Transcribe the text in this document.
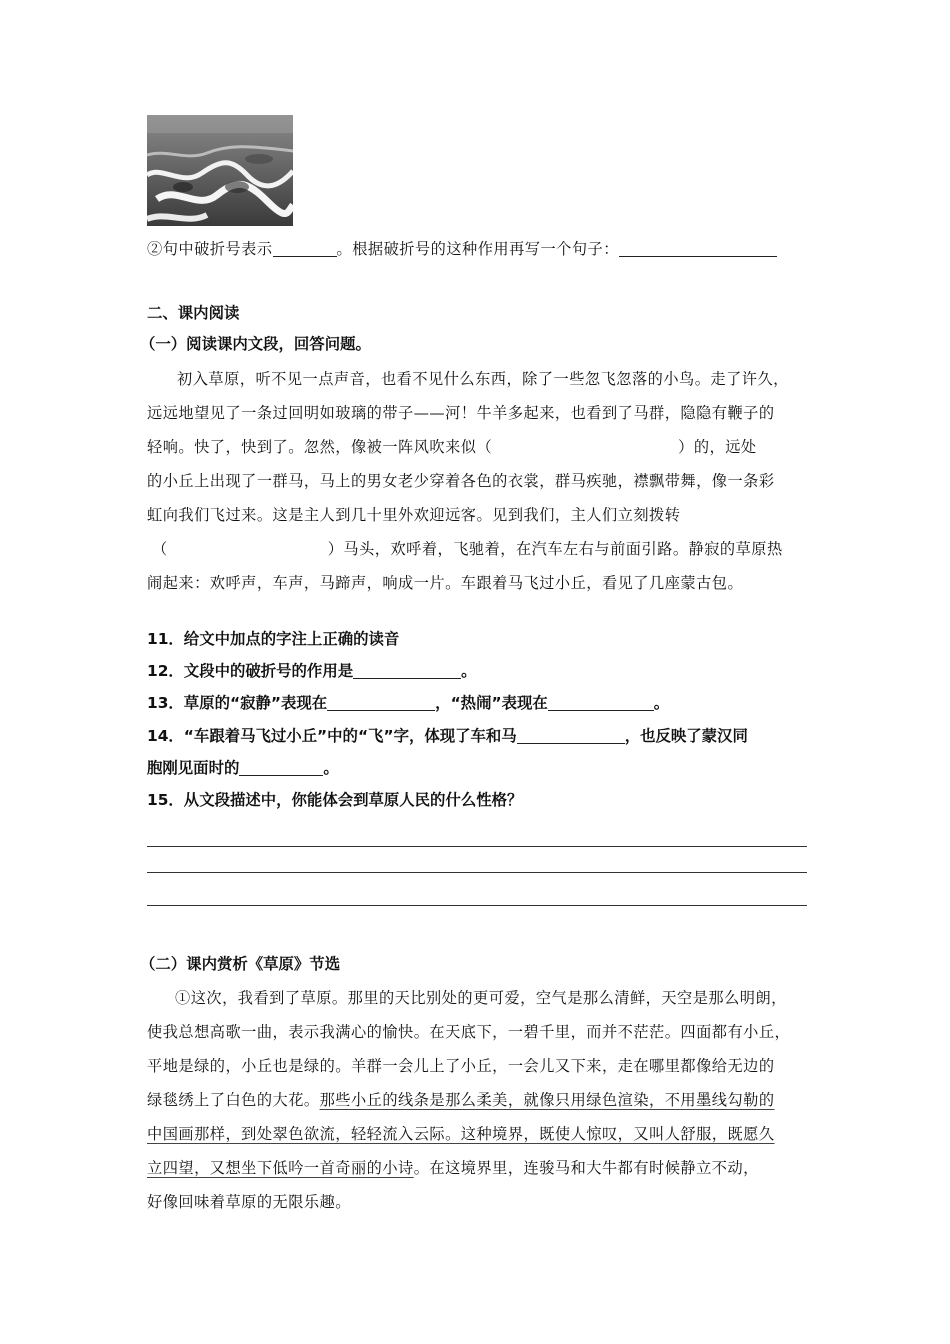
②句中破折号表示	。根据破折号的这种作用再写一个句子：
二、课内阅读
（一）阅读课内文段，回答问题。
初入草原，听不见一点声音，也看不见什么东西，除了一些忽飞忽落的小鸟。走了许久，
远远地望见了一条过回明如玻璃的带子——河！牛羊多起来，也看到了马群，隐隐有鞭子的
轻响。快了，快到了。忽然，像被一阵风吹来似（	）的，远处
的小丘上出现了一群马，马上的男女老少穿着各色的衣裳，群马疾驰，襟飘带舞，像一条彩
虹向我们飞过来。这是主人到几十里外欢迎远客。见到我们，主人们立刻拨转
（	）马头，欢呼着，飞驰着，在汽车左右与前面引路。静寂的草原热
闹起来：欢呼声，车声，马蹄声，响成一片。车跟着马飞过小丘，看见了几座蒙古包。
11．给文中加点的字注上正确的读音
12．文段中的破折号的作用是	。
13．草原的“寂静”表现在	，“热闹”表现在	。
14．“车跟着马飞过小丘”中的“飞”字，体现了车和马	，也反映了蒙汉同
胞刚见面时的	。
15．从文段描述中，你能体会到草原人民的什么性格？
（二）课内赏析《草原》节选
①这次，我看到了草原。那里的天比别处的更可爱，空气是那么清鲜，天空是那么明朗，
使我总想高歌一曲，表示我满心的愉快。在天底下，一碧千里，而并不茫茫。四面都有小丘，
平地是绿的，小丘也是绿的。羊群一会儿上了小丘，一会儿又下来，走在哪里都像给无边的
绿毯绣上了白色的大花。那些小丘的线条是那么柔美，就像只用绿色渲染，不用墨线勾勒的
中国画那样，到处翠色欲流，轻轻流入云际。这种境界，既使人惊叹，又叫人舒服，既愿久
立四望，又想坐下低吟一首奇丽的小诗。在这境界里，连骏马和大牛都有时候静立不动，
好像回味着草原的无限乐趣。
